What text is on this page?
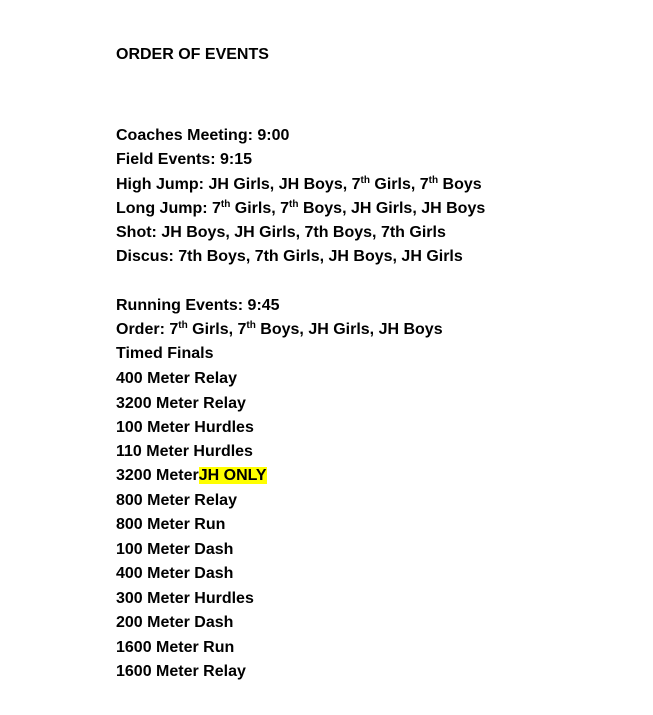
ORDER OF EVENTS
Coaches Meeting: 9:00
Field Events: 9:15
High Jump: JH Girls, JH Boys, 7th Girls, 7th Boys
Long Jump: 7th Girls, 7th Boys, JH Girls, JH Boys
Shot: JH Boys, JH Girls, 7th Boys, 7th Girls
Discus: 7th Boys, 7th Girls, JH Boys, JH Girls
Running Events: 9:45
Order: 7th Girls, 7th Boys, JH Girls, JH Boys
Timed Finals
400 Meter Relay
3200 Meter Relay
100 Meter Hurdles
110 Meter Hurdles
3200 MeterJH ONLY
800 Meter Relay
800 Meter Run
100 Meter Dash
400 Meter Dash
300 Meter Hurdles
200 Meter Dash
1600 Meter Run
1600 Meter Relay
